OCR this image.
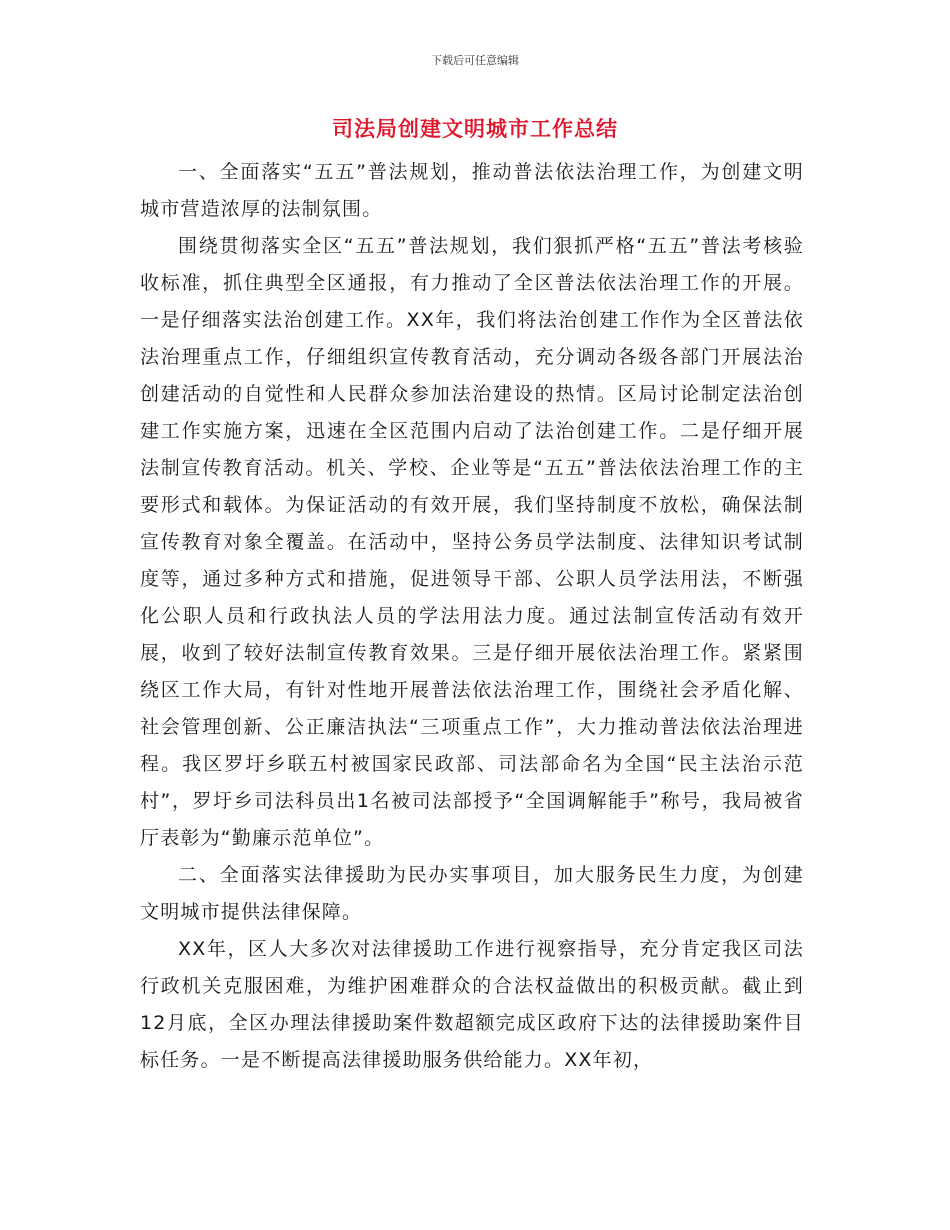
下载后可任意编辑
司法局创建文明城市工作总结

一、全面落实“五五”普法规划，推动普法依法治理工作，为创建文明城市营造浓厚的法制氛围。

围绕贯彻落实全区“五五”普法规划，我们狠抓严格“五五”普法考核验收标准，抓住典型全区通报，有力推动了全区普法依法治理工作的开展。一是仔细落实法治创建工作。XX年，我们将法治创建工作作为全区普法依法治理重点工作，仔细组织宣传教育活动，充分调动各级各部门开展法治创建活动的自觉性和人民群众参加法治建设的热情。区局讨论制定法治创建工作实施方案，迅速在全区范围内启动了法治创建工作。二是仔细开展法制宣传教育活动。机关、学校、企业等是“五五”普法依法治理工作的主要形式和载体。为保证活动的有效开展，我们坚持制度不放松，确保法制宣传教育对象全覆盖。在活动中，坚持公务员学法制度、法律知识考试制度等，通过多种方式和措施，促进领导干部、公职人员学法用法，不断强化公职人员和行政执法人员的学法用法力度。通过法制宣传活动有效开展，收到了较好法制宣传教育效果。三是仔细开展依法治理工作。紧紧围绕区工作大局，有针对性地开展普法依法治理工作，围绕社会矛盾化解、社会管理创新、公正廉洁执法“三项重点工作”，大力推动普法依法治理进程。我区罗圩乡联五村被国家民政部、司法部命名为全国“民主法治示范村”，罗圩乡司法科员出1名被司法部授予“全国调解能手”称号，我局被省厅表彰为“勤廉示范单位”。

二、全面落实法律援助为民办实事项目，加大服务民生力度，为创建文明城市提供法律保障。

XX年，区人大多次对法律援助工作进行视察指导，充分肯定我区司法行政机关克服困难，为维护困难群众的合法权益做出的积极贡献。截止到12月底，全区办理法律援助案件数超额完成区政府下达的法律援助案件目标任务。一是不断提高法律援助服务供给能力。XX年初，
